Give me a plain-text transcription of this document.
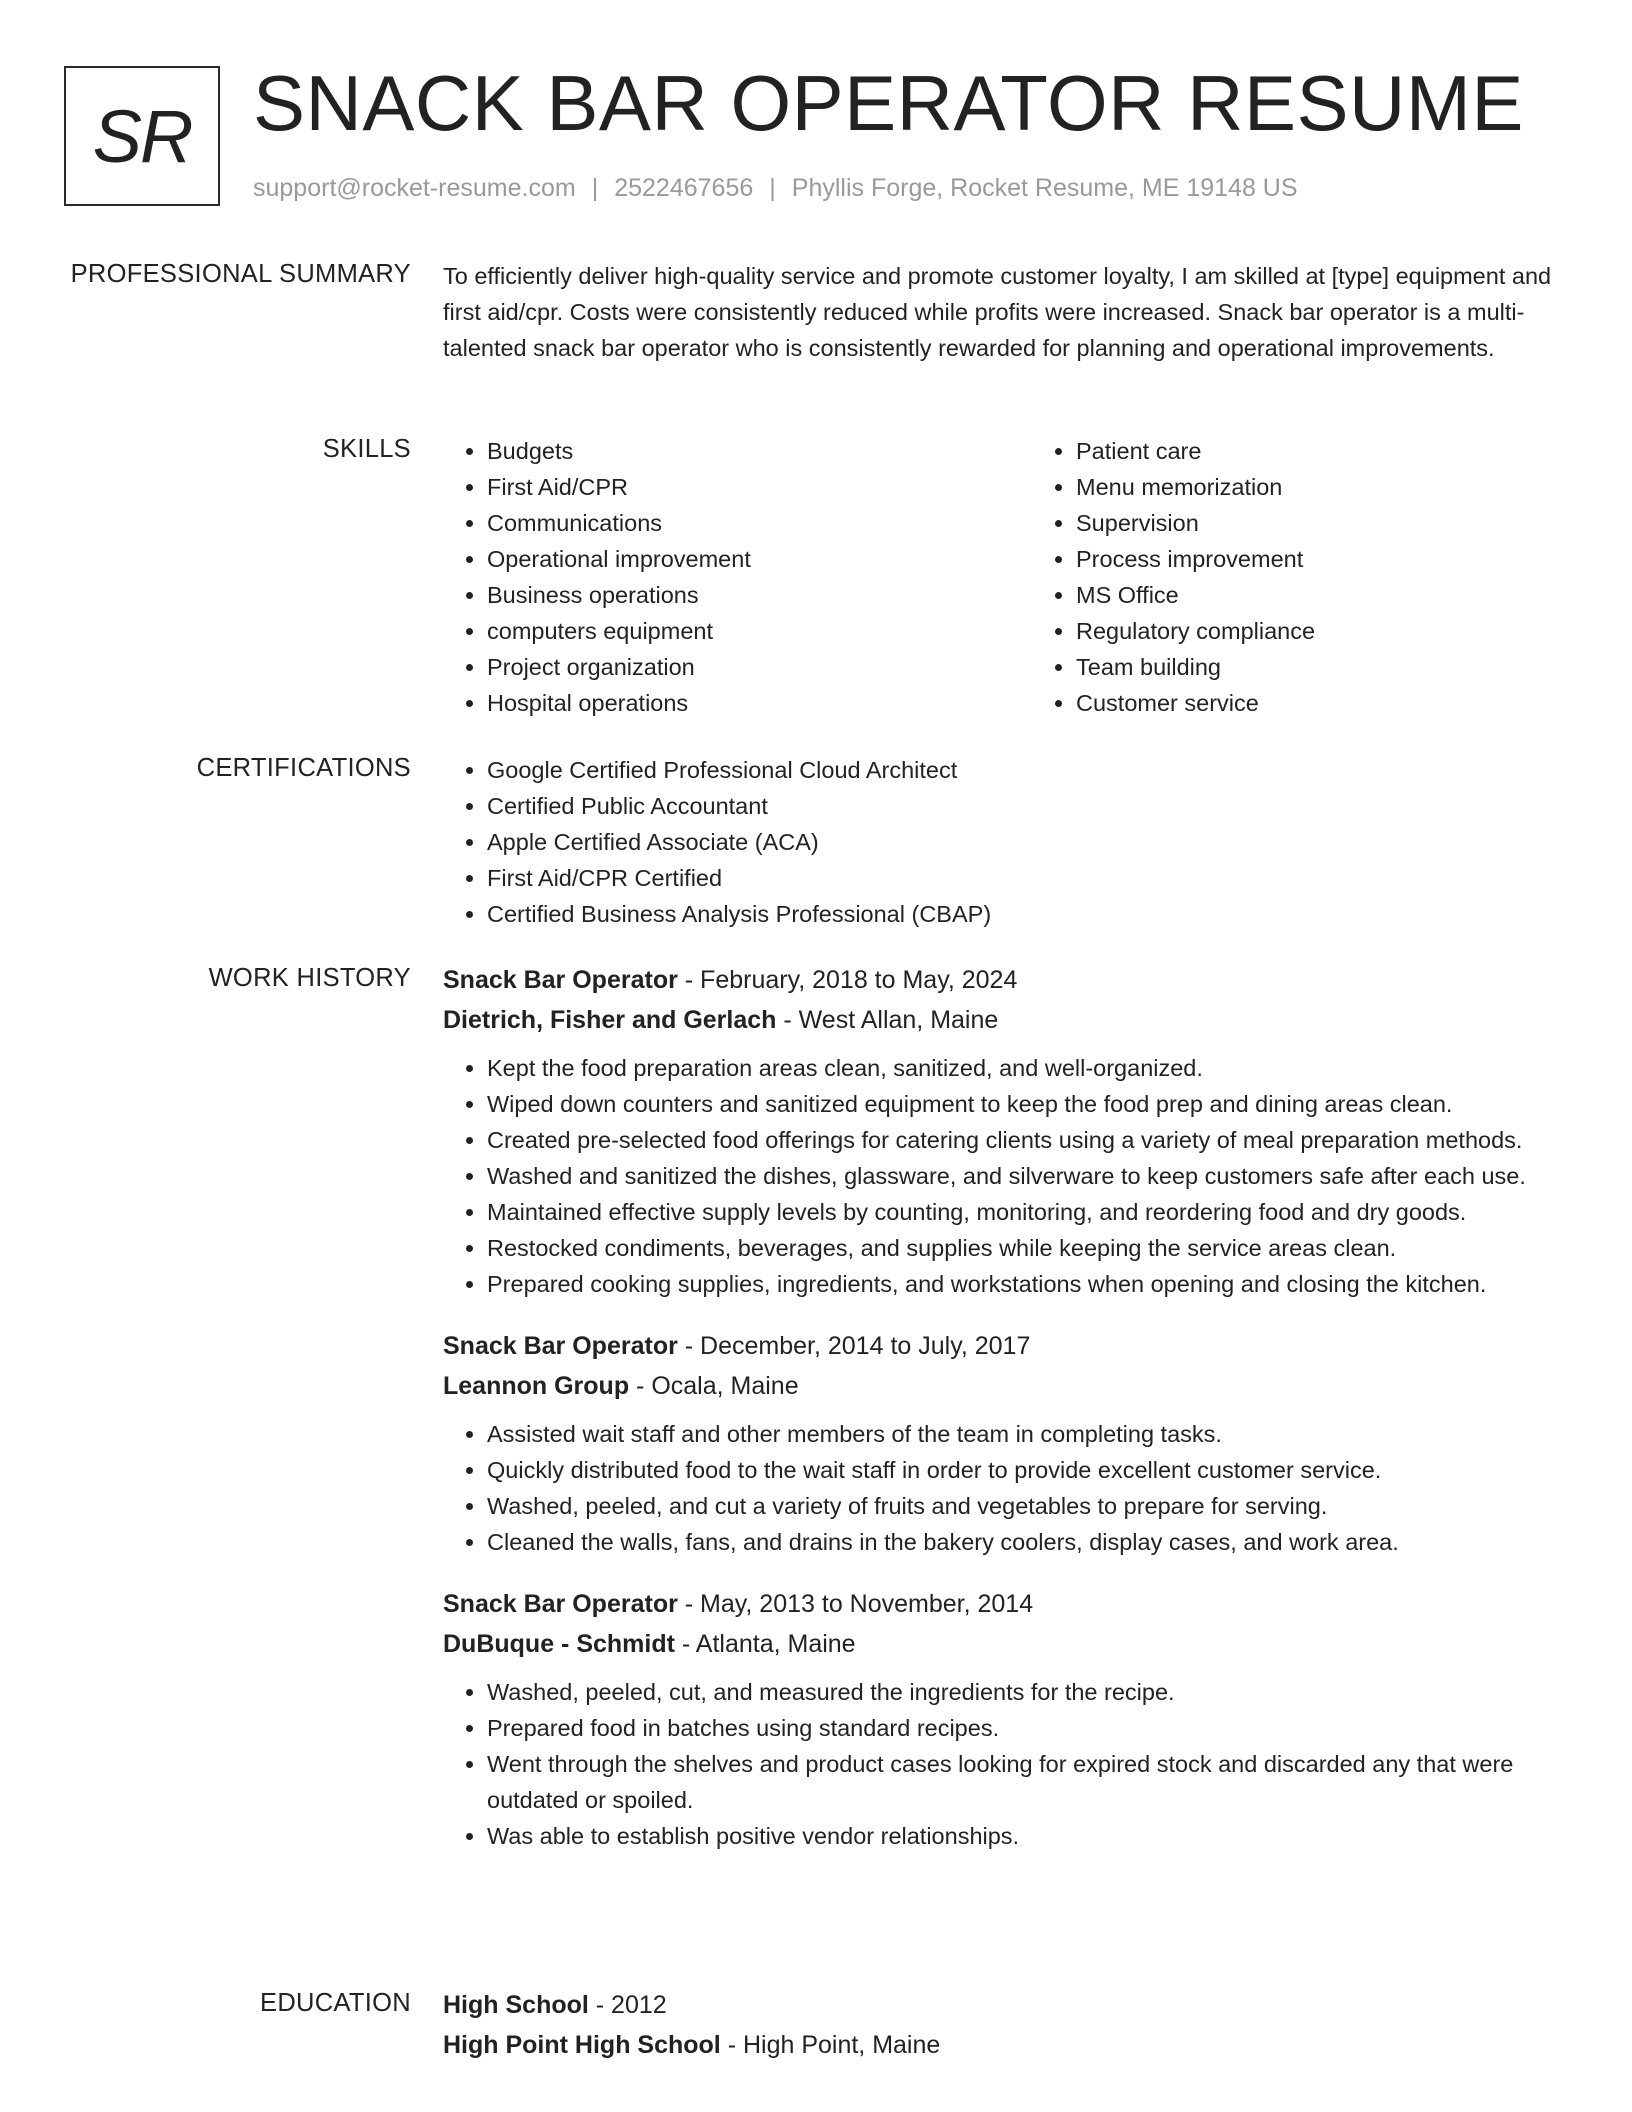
SR SNACK BAR OPERATOR RESUME
support@rocket-resume.com | 2522467656 | Phyllis Forge, Rocket Resume, ME 19148 US
PROFESSIONAL SUMMARY To efficiently deliver high-quality service and promote customer loyalty, I am skilled at [type] equipment and first aid/cpr. Costs were consistently reduced while profits were increased. Snack bar operator is a multi-talented snack bar operator who is consistently rewarded for planning and operational improvements.

SKILLS	• Budgets
• First Aid/CPR
• Communications
• Operational improvement
• Business operations
• computers equipment
• Project organization
• Hospital operations
• Patient care
• Menu memorization
• Supervision
• Process improvement
• MS Office
• Regulatory compliance
• Team building
• Customer service
CERTIFICATIONS	• Google Certified Professional Cloud Architect
• Certified Public Accountant
• Apple Certified Associate (ACA)
• First Aid/CPR Certified
• Certified Business Analysis Professional (CBAP)
WORK HISTORY Snack Bar Operator - February, 2018 to May, 2024
Dietrich, Fisher and Gerlach - West Allan, Maine
• Kept the food preparation areas clean, sanitized, and well-organized.
• Wiped down counters and sanitized equipment to keep the food prep and dining areas clean.
• Created pre-selected food offerings for catering clients using a variety of meal preparation methods.
• Washed and sanitized the dishes, glassware, and silverware to keep customers safe after each use.
• Maintained effective supply levels by counting, monitoring, and reordering food and dry goods.
• Restocked condiments, beverages, and supplies while keeping the service areas clean.
• Prepared cooking supplies, ingredients, and workstations when opening and closing the kitchen.
Snack Bar Operator - December, 2014 to July, 2017
Leannon Group - Ocala, Maine
• Assisted wait staff and other members of the team in completing tasks.
• Quickly distributed food to the wait staff in order to provide excellent customer service.
• Washed, peeled, and cut a variety of fruits and vegetables to prepare for serving.
• Cleaned the walls, fans, and drains in the bakery coolers, display cases, and work area.
Snack Bar Operator - May, 2013 to November, 2014
DuBuque - Schmidt - Atlanta, Maine
• Washed, peeled, cut, and measured the ingredients for the recipe.
• Prepared food in batches using standard recipes.
• Went through the shelves and product cases looking for expired stock and discarded any that were outdated or spoiled.
• Was able to establish positive vendor relationships.
EDUCATION High School - 2012
High Point High School - High Point, Maine
